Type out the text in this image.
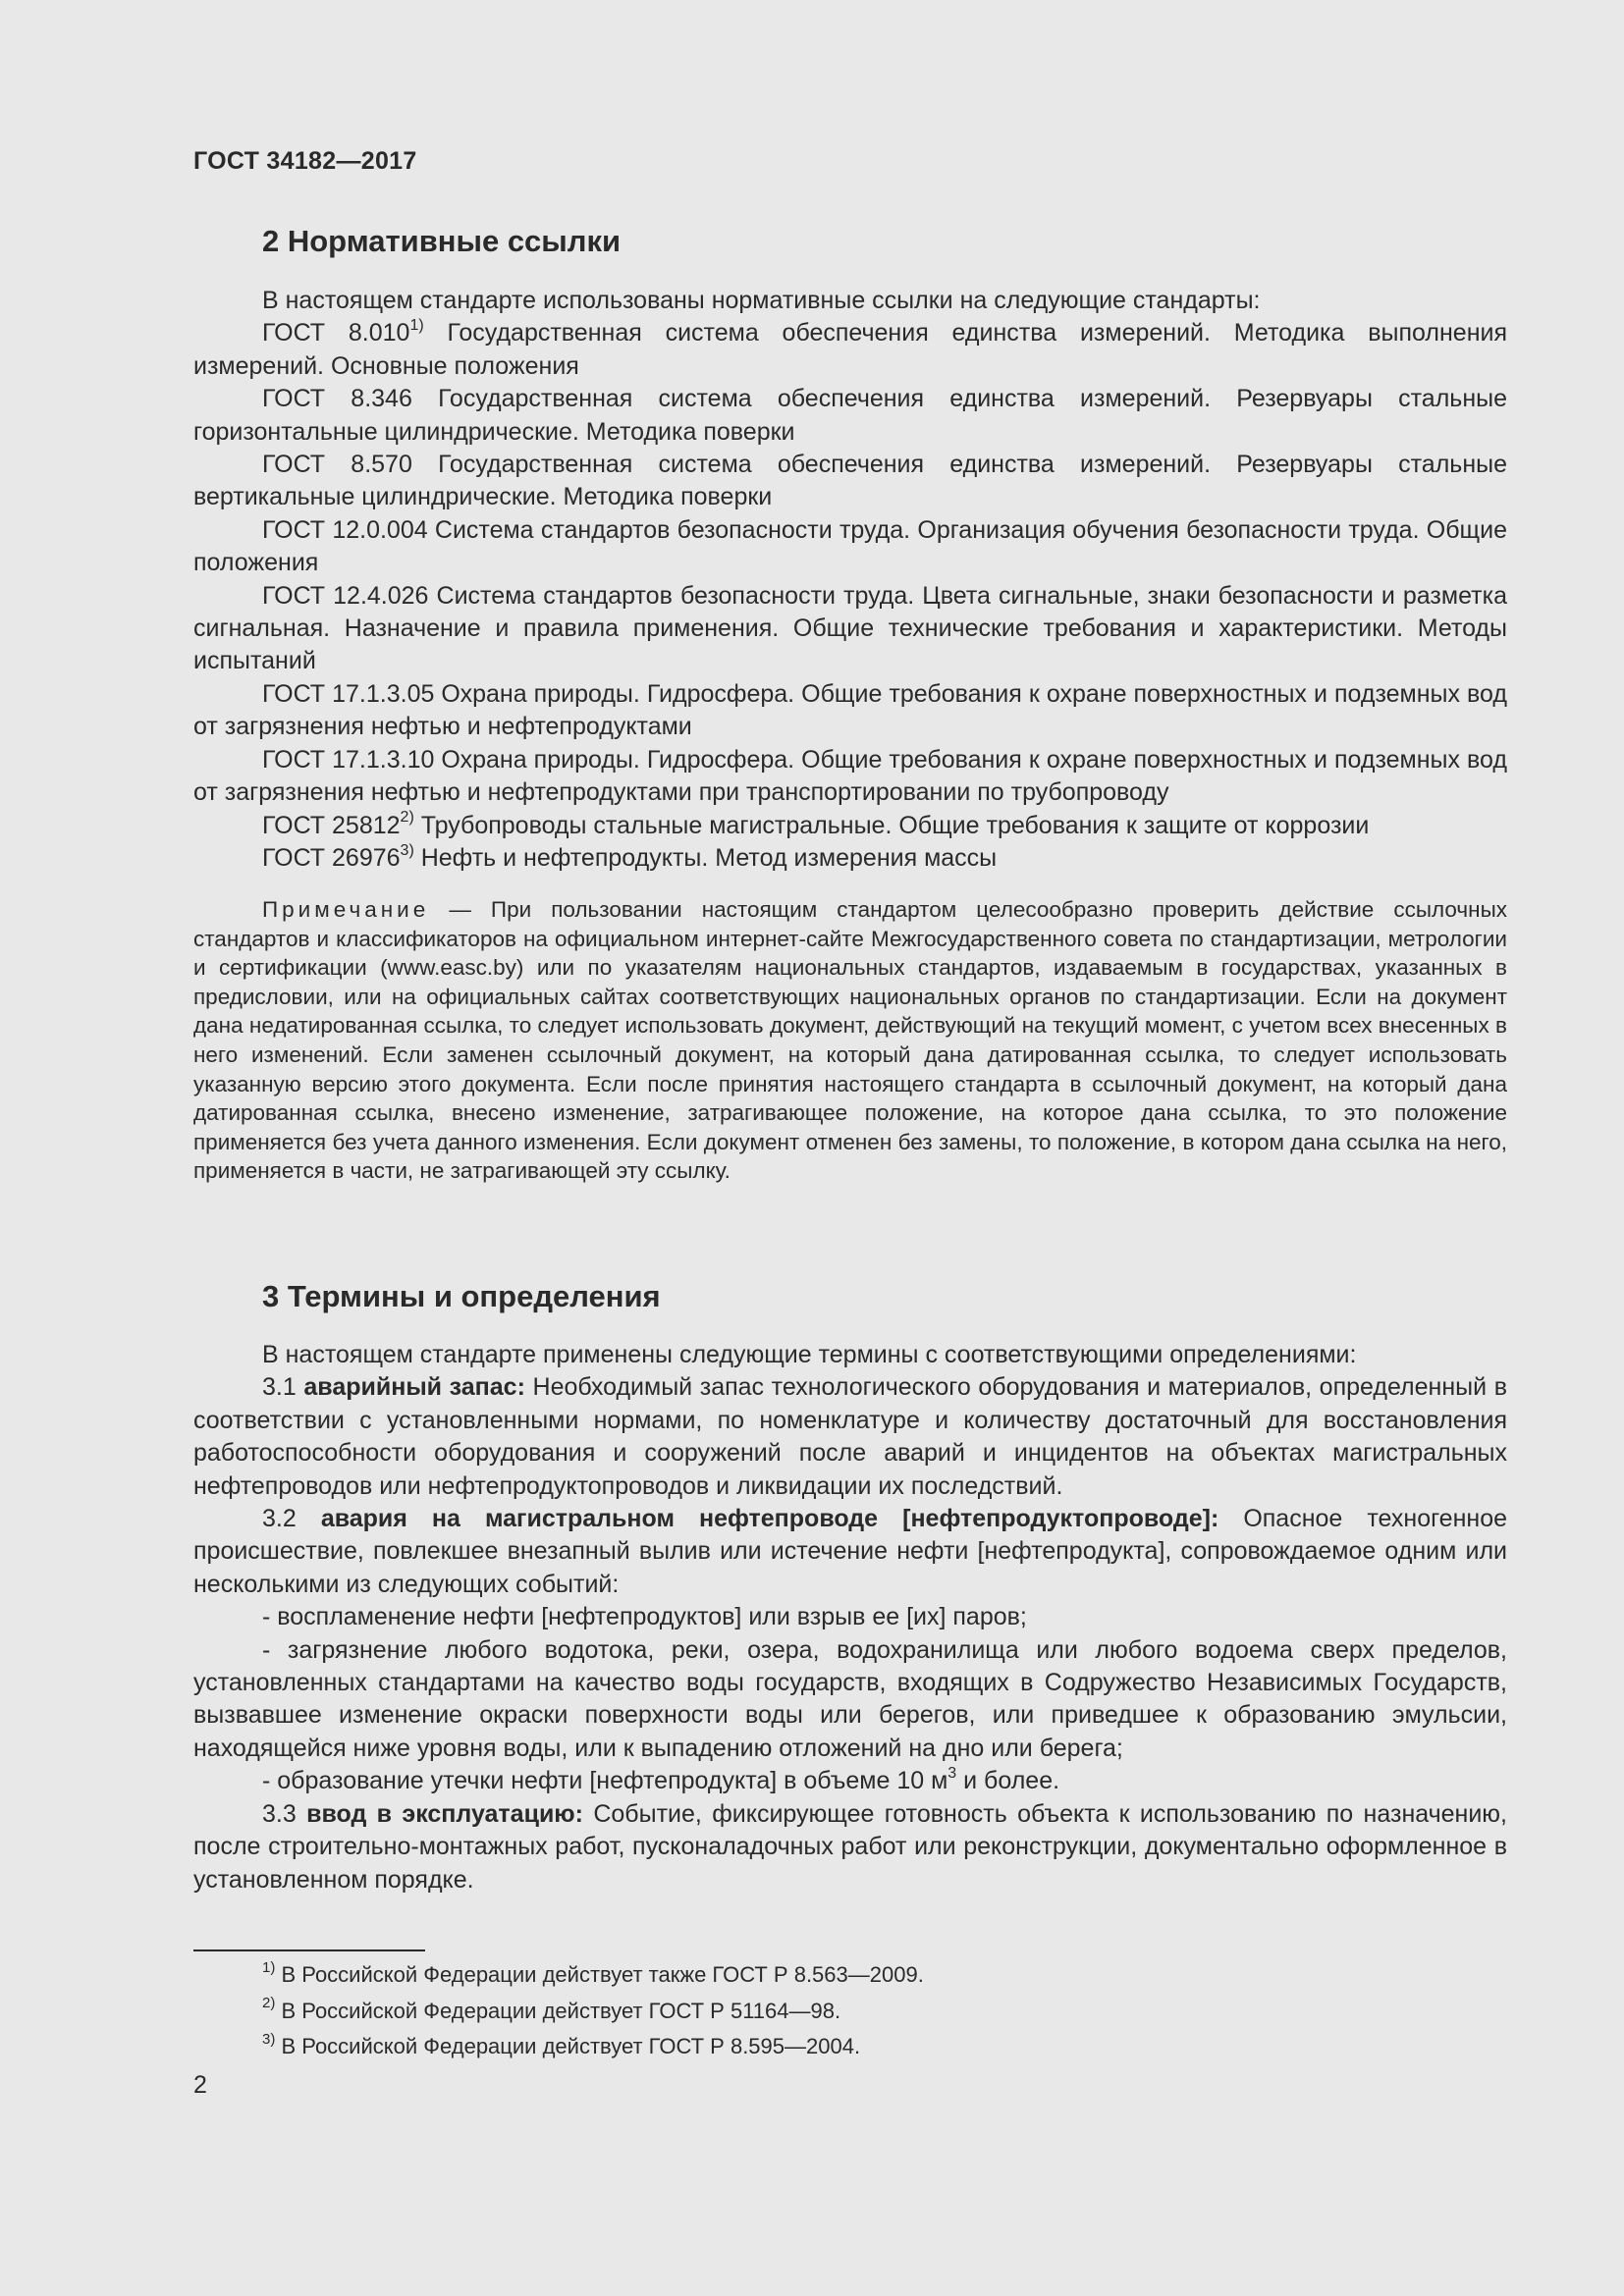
ГОСТ 34182—2017
2 Нормативные ссылки

В настоящем стандарте использованы нормативные ссылки на следующие стандарты:

ГОСТ 8.010$^{1)}$ Государственная система обеспечения единства измерений. Методика выполнения измерений. Основные положения

ГОСТ 8.346 Государственная система обеспечения единства измерений. Резервуары стальные горизонтальные цилиндрические. Методика поверки

ГОСТ 8.570 Государственная система обеспечения единства измерений. Резервуары стальные вертикальные цилиндрические. Методика поверки

ГОСТ 12.0.004 Система стандартов безопасности труда. Организация обучения безопасности труда. Общие положения

ГОСТ 12.4.026 Система стандартов безопасности труда. Цвета сигнальные, знаки безопасности и разметка сигнальная. Назначение и правила применения. Общие технические требования и характеристики. Методы испытаний

ГОСТ 17.1.3.05 Охрана природы. Гидросфера. Общие требования к охране поверхностных и подземных вод от загрязнения нефтью и нефтепродуктами

ГОСТ 17.1.3.10 Охрана природы. Гидросфера. Общие требования к охране поверхностных и подземных вод от загрязнения нефтью и нефтепродуктами при транспортировании по трубопроводу

ГОСТ 25812$^{2)}$ Трубопроводы стальные магистральные. Общие требования к защите от коррозии

ГОСТ 26976$^{3)}$ Нефть и нефтепродукты. Метод измерения массы

Примечание — При пользовании настоящим стандартом целесообразно проверить действие ссылочных стандартов и классификаторов на официальном интернет-сайте Межгосударственного совета по стандартизации, метрологии и сертификации (www.easc.by) или по указателям национальных стандартов, издаваемым в государствах, указанных в предисловии, или на официальных сайтах соответствующих национальных органов по стандартизации. Если на документ дана недатированная ссылка, то следует использовать документ, действующий на текущий момент, с учетом всех внесенных в него изменений. Если заменен ссылочный документ, на который дана датированная ссылка, то следует использовать указанную версию этого документа. Если после принятия настоящего стандарта в ссылочный документ, на который дана датированная ссылка, внесено изменение, затрагивающее положение, на которое дана ссылка, то это положение применяется без учета данного изменения. Если документ отменен без замены, то положение, в котором дана ссылка на него, применяется в части, не затрагивающей эту ссылку.

3 Термины и определения

В настоящем стандарте применены следующие термины с соответствующими определениями:

3.1 аварийный запас: Необходимый запас технологического оборудования и материалов, определенный в соответствии с установленными нормами, по номенклатуре и количеству достаточный для восстановления работоспособности оборудования и сооружений после аварий и инцидентов на объектах магистральных нефтепроводов или нефтепродуктопроводов и ликвидации их последствий.

3.2 авария на магистральном нефтепроводе [нефтепродуктопроводе]: Опасное техногенное происшествие, повлекшее внезапный вылив или истечение нефти [нефтепродукта], сопровождаемое одним или несколькими из следующих событий:

- воспламенение нефти [нефтепродуктов] или взрыв ее [их] паров;

- загрязнение любого водотока, реки, озера, водохранилища или любого водоема сверх пределов, установленных стандартами на качество воды государств, входящих в Содружество Независимых Государств, вызвавшее изменение окраски поверхности воды или берегов, или приведшее к образованию эмульсии, находящейся ниже уровня воды, или к выпадению отложений на дно или берега;

- образование утечки нефти [нефтепродукта] в объеме 10 $м^3$ и более.

3.3 ввод в эксплуатацию: Событие, фиксирующее готовность объекта к использованию по назначению, после строительно-монтажных работ, пусконаладочных работ или реконструкции, документально оформленное в установленном порядке.

$^{1)}$ В Российской Федерации действует также ГОСТ Р 8.563—2009.
$^{2)}$ В Российской Федерации действует ГОСТ Р 51164—98.
$^{3)}$ В Российской Федерации действует ГОСТ Р 8.595—2004.
2
